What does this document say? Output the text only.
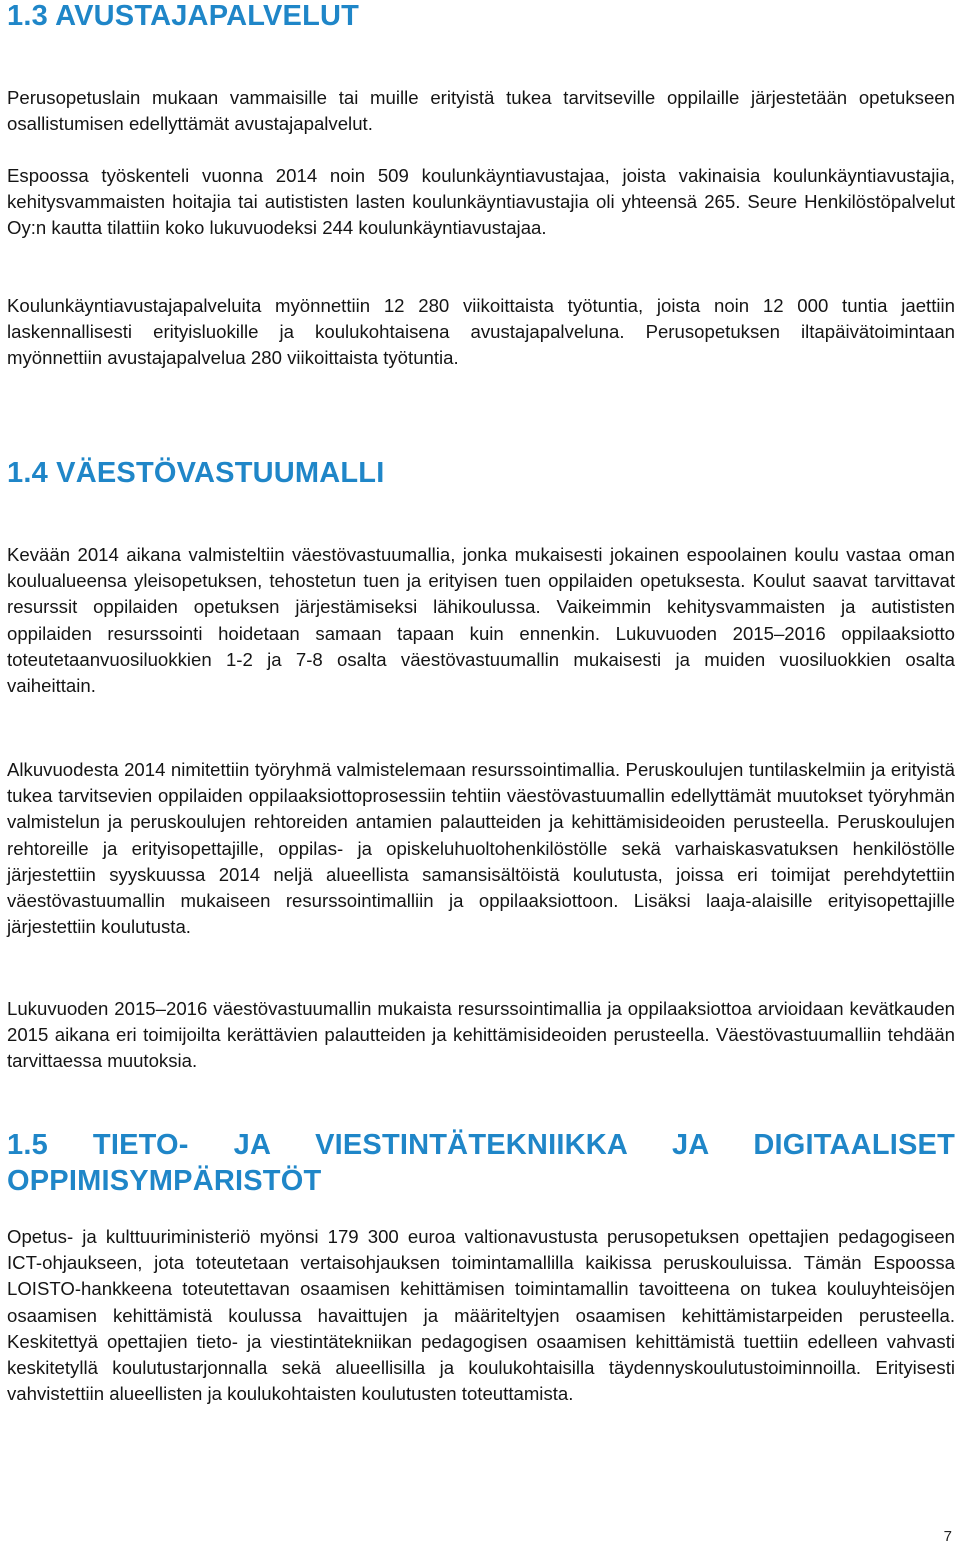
1.3 AVUSTAJAPALVELUT

Perusopetuslain mukaan vammaisille tai muille erityistä tukea tarvitseville oppilaille järjestetään opetukseen osallistumisen edellyttämät avustajapalvelut.

Espoossa työskenteli vuonna 2014 noin 509 koulunkäyntiavustajaa, joista vakinaisia koulunkäyntiavustajia, kehitysvammaisten hoitajia tai autististen lasten koulunkäyntiavustajia oli yhteensä 265. Seure Henkilöstöpalvelut Oy:n kautta tilattiin koko lukuvuodeksi 244 koulunkäyntiavustajaa.

Koulunkäyntiavustajapalveluita myönnettiin 12 280 viikoittaista työtuntia, joista noin 12 000 tuntia jaettiin laskennallisesti erityisluokille ja koulukohtaisena avustajapalveluna. Perusopetuksen iltapäivätoimintaan myönnettiin avustajapalvelua 280 viikoittaista työtuntia.

1.4 VÄESTÖVASTUUMALLI

Kevään 2014 aikana valmisteltiin väestövastuumallia, jonka mukaisesti jokainen espoolainen koulu vastaa oman koulualueensa yleisopetuksen, tehostetun tuen ja erityisen tuen oppilaiden opetuksesta. Koulut saavat tarvittavat resurssit oppilaiden opetuksen järjestämiseksi lähikoulussa. Vaikeimmin kehitysvammaisten ja autististen oppilaiden resurssointi hoidetaan samaan tapaan kuin ennenkin. Lukuvuoden 2015–2016 oppilaaksiotto toteutetaanvuosiluokkien 1-2 ja 7-8 osalta väestövastuumallin mukaisesti ja muiden vuosiluokkien osalta vaiheittain.

Alkuvuodesta 2014 nimitettiin työryhmä valmistelemaan resurssointimallia. Peruskoulujen tuntilaskelmiin ja erityistä tukea tarvitsevien oppilaiden oppilaaksiottoprosessiin tehtiin väestövastuumallin edellyttämät muutokset työryhmän valmistelun ja peruskoulujen rehtoreiden antamien palautteiden ja kehittämisideoiden perusteella. Peruskoulujen rehtoreille ja erityisopettajille, oppilas- ja opiskeluhuoltohenkilöstölle sekä varhaiskasvatuksen henkilöstölle järjestettiin syyskuussa 2014 neljä alueellista samansisältöistä koulutusta, joissa eri toimijat perehdytettiin väestövastuumallin mukaiseen resurssointimalliin ja oppilaaksiottoon. Lisäksi laaja-alaisille erityisopettajille järjestettiin koulutusta.

Lukuvuoden 2015–2016 väestövastuumallin mukaista resurssointimallia ja oppilaaksiottoa arvioidaan kevätkauden 2015 aikana eri toimijoilta kerättävien palautteiden ja kehittämisideoiden perusteella. Väestövastuumalliin tehdään tarvittaessa muutoksia.

1.5 TIETO- JA VIESTINTÄTEKNIIKKA JA DIGITAALISET OPPIMISYMPÄRISTÖT

Opetus- ja kulttuuriministeriö myönsi 179 300 euroa valtionavustusta perusopetuksen opettajien pedagogiseen ICT-ohjaukseen, jota toteutetaan vertaisohjauksen toimintamallilla kaikissa peruskouluissa. Tämän Espoossa LOISTO-hankkeena toteutettavan osaamisen kehittämisen toimintamallin tavoitteena on tukea kouluyhteisöjen osaamisen kehittämistä koulussa havaittujen ja määriteltyjen osaamisen kehittämistarpeiden perusteella. Keskitettyä opettajien tieto- ja viestintätekniikan pedagogisen osaamisen kehittämistä tuettiin edelleen vahvasti keskitetyllä koulutustarjonnalla sekä alueellisilla ja koulukohtaisilla täydennyskoulutustoiminnoilla. Erityisesti vahvistettiin alueellisten ja koulukohtaisten koulutusten toteuttamista.

7
